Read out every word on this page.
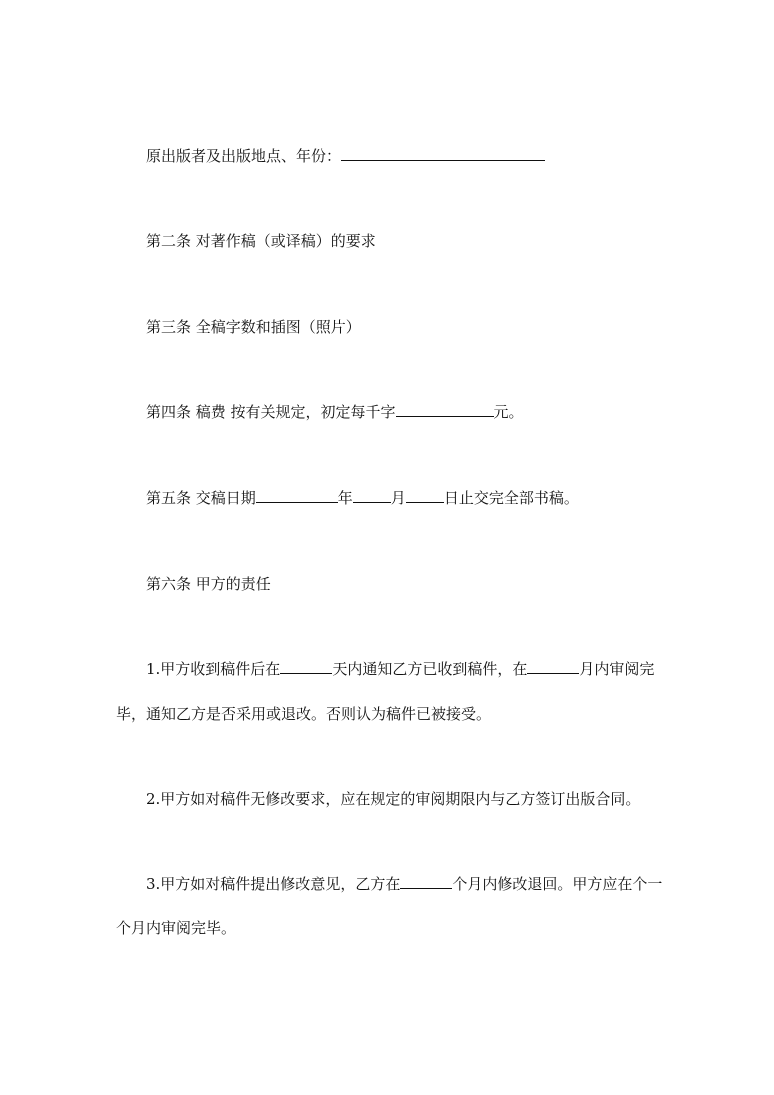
原出版者及出版地点、年份：
第二条 对著作稿（或译稿）的要求
第三条 全稿字数和插图（照片）
第四条 稿费 按有关规定，初定每千字	元。
第五条 交稿日期	年	月	日止交完全部书稿。
第六条 甲方的责任
1.甲方收到稿件后在	天内通知乙方已收到稿件，在	月内审阅完
毕，通知乙方是否采用或退改。否则认为稿件已被接受。
2.甲方如对稿件无修改要求，应在规定的审阅期限内与乙方签订出版合同。
3.甲方如对稿件提出修改意见，乙方在	个月内修改退回。甲方应在个一
个月内审阅完毕。
